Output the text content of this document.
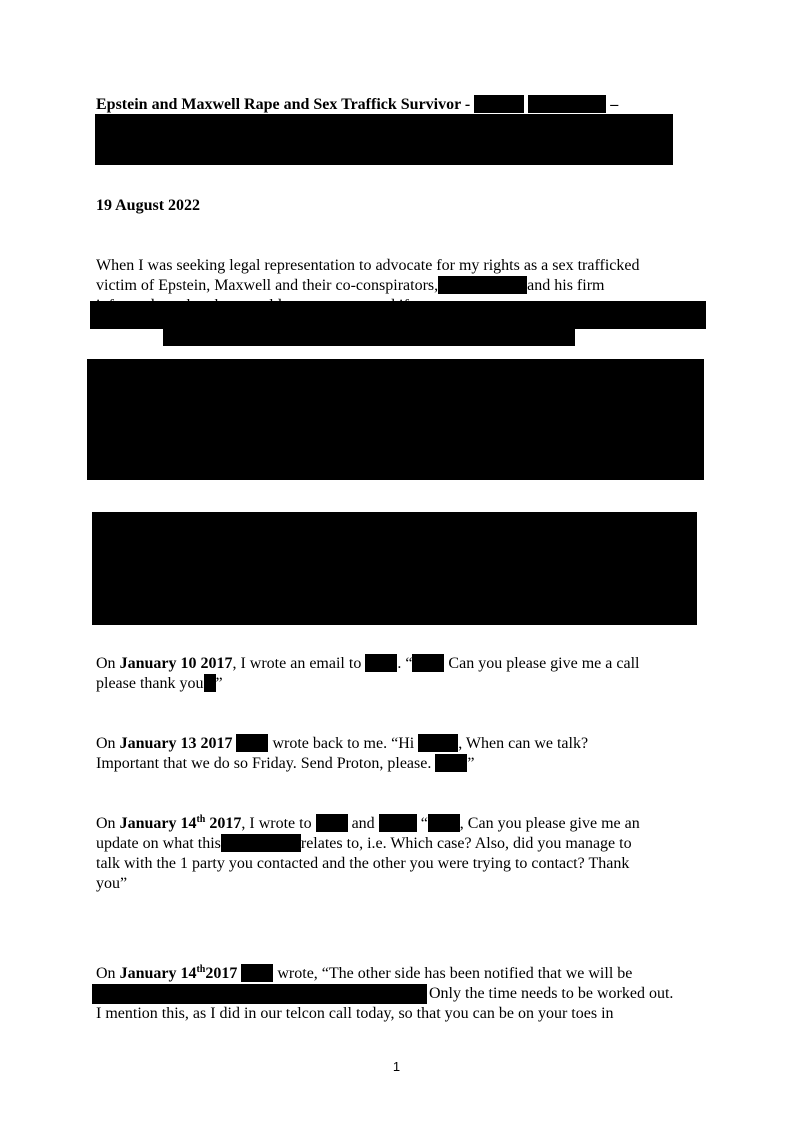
Epstein and Maxwell Rape and Sex Traffick Survivor -	–
19 August 2022
When I was seeking legal representation to advocate for my rights as a sex trafficked
victim of Epstein, Maxwell and their co-conspirators,	and his firm
On January 10 2017, I wrote an email to . “ Can you please give me a call
please thank you ”
On January 13 2017  wrote back to me. “Hi	, When can we talk?
Important that we do so Friday. Send Proton, please. ”
On January 14th 2017, I wrote to  and	“ , Can you please give me an
update on what this	relates to, i.e. Which case? Also, did you manage to
talk with the 1 party you contacted and the other you were trying to contact? Thank
you”
On January 14th2017  wrote, “The other side has been notified that we will be
Only the time needs to be worked out.
I mention this, as I did in our telcon call today, so that you can be on your toes in
1
